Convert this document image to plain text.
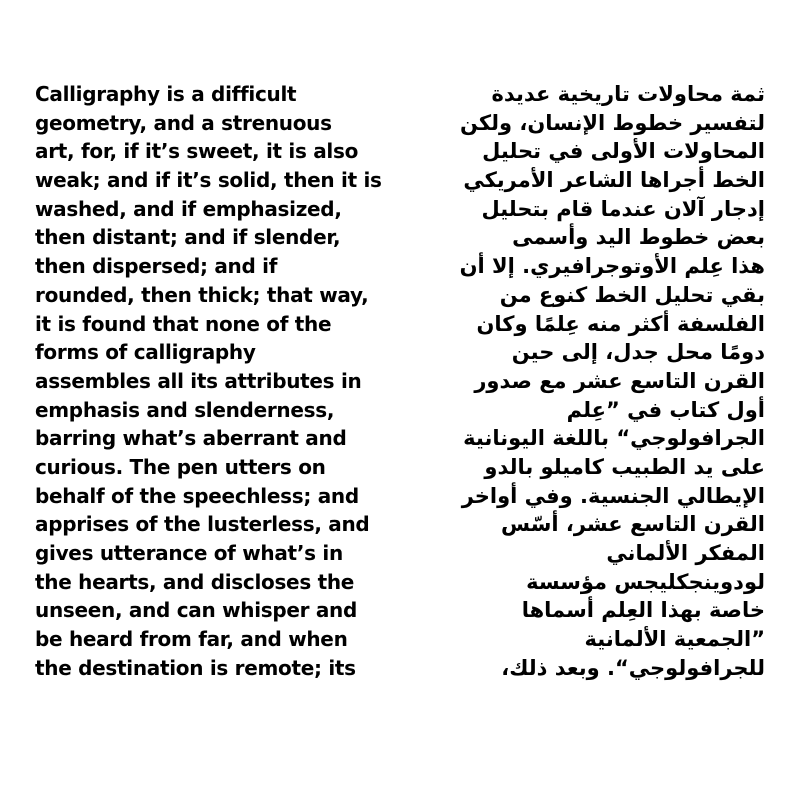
Calligraphy is a difficult
geometry, and a strenuous
art, for, if it’s sweet, it is also
weak; and if it’s solid, then it is
washed, and if emphasized,
then distant; and if slender,
then dispersed; and if
rounded, then thick; that way,
it is found that none of the
forms of calligraphy
assembles all its attributes in
emphasis and slenderness,
barring what’s aberrant and
curious. The pen utters on
behalf of the speechless; and
apprises of the lusterless, and
gives utterance of what’s in
the hearts, and discloses the
unseen, and can whisper and
be heard from far, and when
the destination is remote; its
ثمة محاولات تاريخية عديدة
لتفسير خطوط الإنسان، ولكن
المحاولات الأولى في تحليل
الخط أجراها الشاعر الأمريكي
إدجار آلان عندما قام بتحليل
بعض خطوط اليد وأسمى
هذا عِلم الأوتوجرافيري. إلا أن
بقي تحليل الخط كنوع من
الفلسفة أكثر منه عِلمًا وكان
دومًا محل جدل، إلى حين
القرن التاسع عشر مع صدور
أول كتاب في ”عِلم
الجرافولوجي“ باللغة اليونانية
على يد الطبيب كاميلو بالدو
الإيطالي الجنسية. وفي أواخر
القرن التاسع عشر، أسّس
المفكر الألماني
لودوينجكليجس مؤسسة
خاصة بهذا العِلم أسماها
”الجمعية الألمانية
للجرافولوجي“. وبعد ذلك،
